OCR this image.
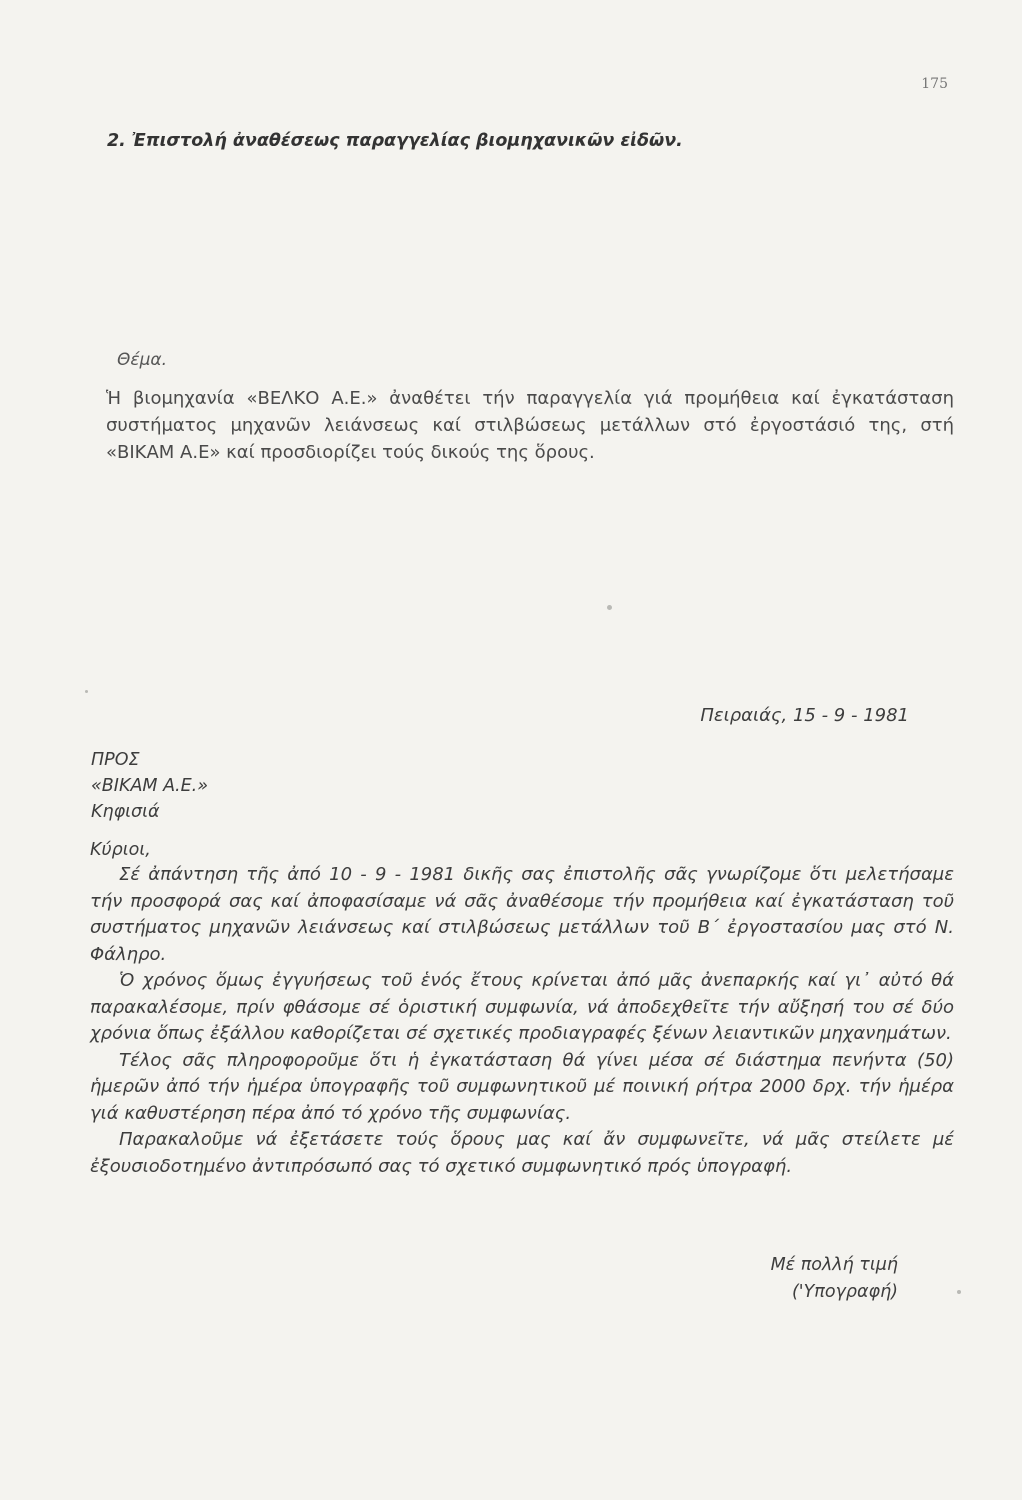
175
2. Ἐπιστολή ἀναθέσεως παραγγελίας βιομηχανικῶν εἰδῶν.
Θέμα.
Ἡ βιομηχανία «ΒΕΛΚΟ Α.Ε.» ἀναθέτει τήν παραγγελία γιά προμήθεια καί ἐγκατάσταση συστήματος μηχανῶν λειάνσεως καί στιλβώσεως μετάλλων στό ἐργοστάσιό της, στή «ΒΙΚΑΜ Α.Ε» καί προσδιορίζει τούς δικούς της ὅρους.
Πειραιάς, 15 - 9 - 1981
ΠΡΟΣ
«ΒΙΚΑΜ Α.Ε.»
Κηφισιά
Κύριοι,

Σέ ἀπάντηση τῆς ἀπό 10 - 9 - 1981 δικῆς σας ἐπιστολῆς σᾶς γνωρίζομε ὅτι μελετήσαμε τήν προσφορά σας καί ἀποφασίσαμε νά σᾶς ἀναθέσομε τήν προμήθεια καί ἐγκατάσταση τοῦ συστήματος μηχανῶν λειάνσεως καί στιλβώσεως μετάλλων τοῦ Β΄ ἐργοστασίου μας στό Ν. Φάληρο.

Ὁ χρόνος ὅμως ἐγγυήσεως τοῦ ἑνός ἔτους κρίνεται ἀπό μᾶς ἀνεπαρκής καί γι᾽ αὐτό θά παρακαλέσομε, πρίν φθάσομε σέ ὁριστική συμφωνία, νά ἀποδεχθεῖτε τήν αὔξησή του σέ δύο χρόνια ὅπως ἐξάλλου καθορίζεται σέ σχετικές προδιαγραφές ξένων λειαντικῶν μηχανημάτων.

Τέλος σᾶς πληροφοροῦμε ὅτι ἡ ἐγκατάσταση θά γίνει μέσα σέ διάστημα πενήντα (50) ἡμερῶν ἀπό τήν ἡμέρα ὑπογραφῆς τοῦ συμφωνητικοῦ μέ ποινική ρήτρα 2000 δρχ. τήν ἡμέρα γιά καθυστέρηση πέρα ἀπό τό χρόνο τῆς συμφωνίας.

Παρακαλοῦμε νά ἐξετάσετε τούς ὅρους μας καί ἄν συμφωνεῖτε, νά μᾶς στείλετε μέ ἐξουσιοδοτημένο ἀντιπρόσωπό σας τό σχετικό συμφωνητικό πρός ὑπογραφή.

Μέ πολλή τιμή
('Υπογραφή)
